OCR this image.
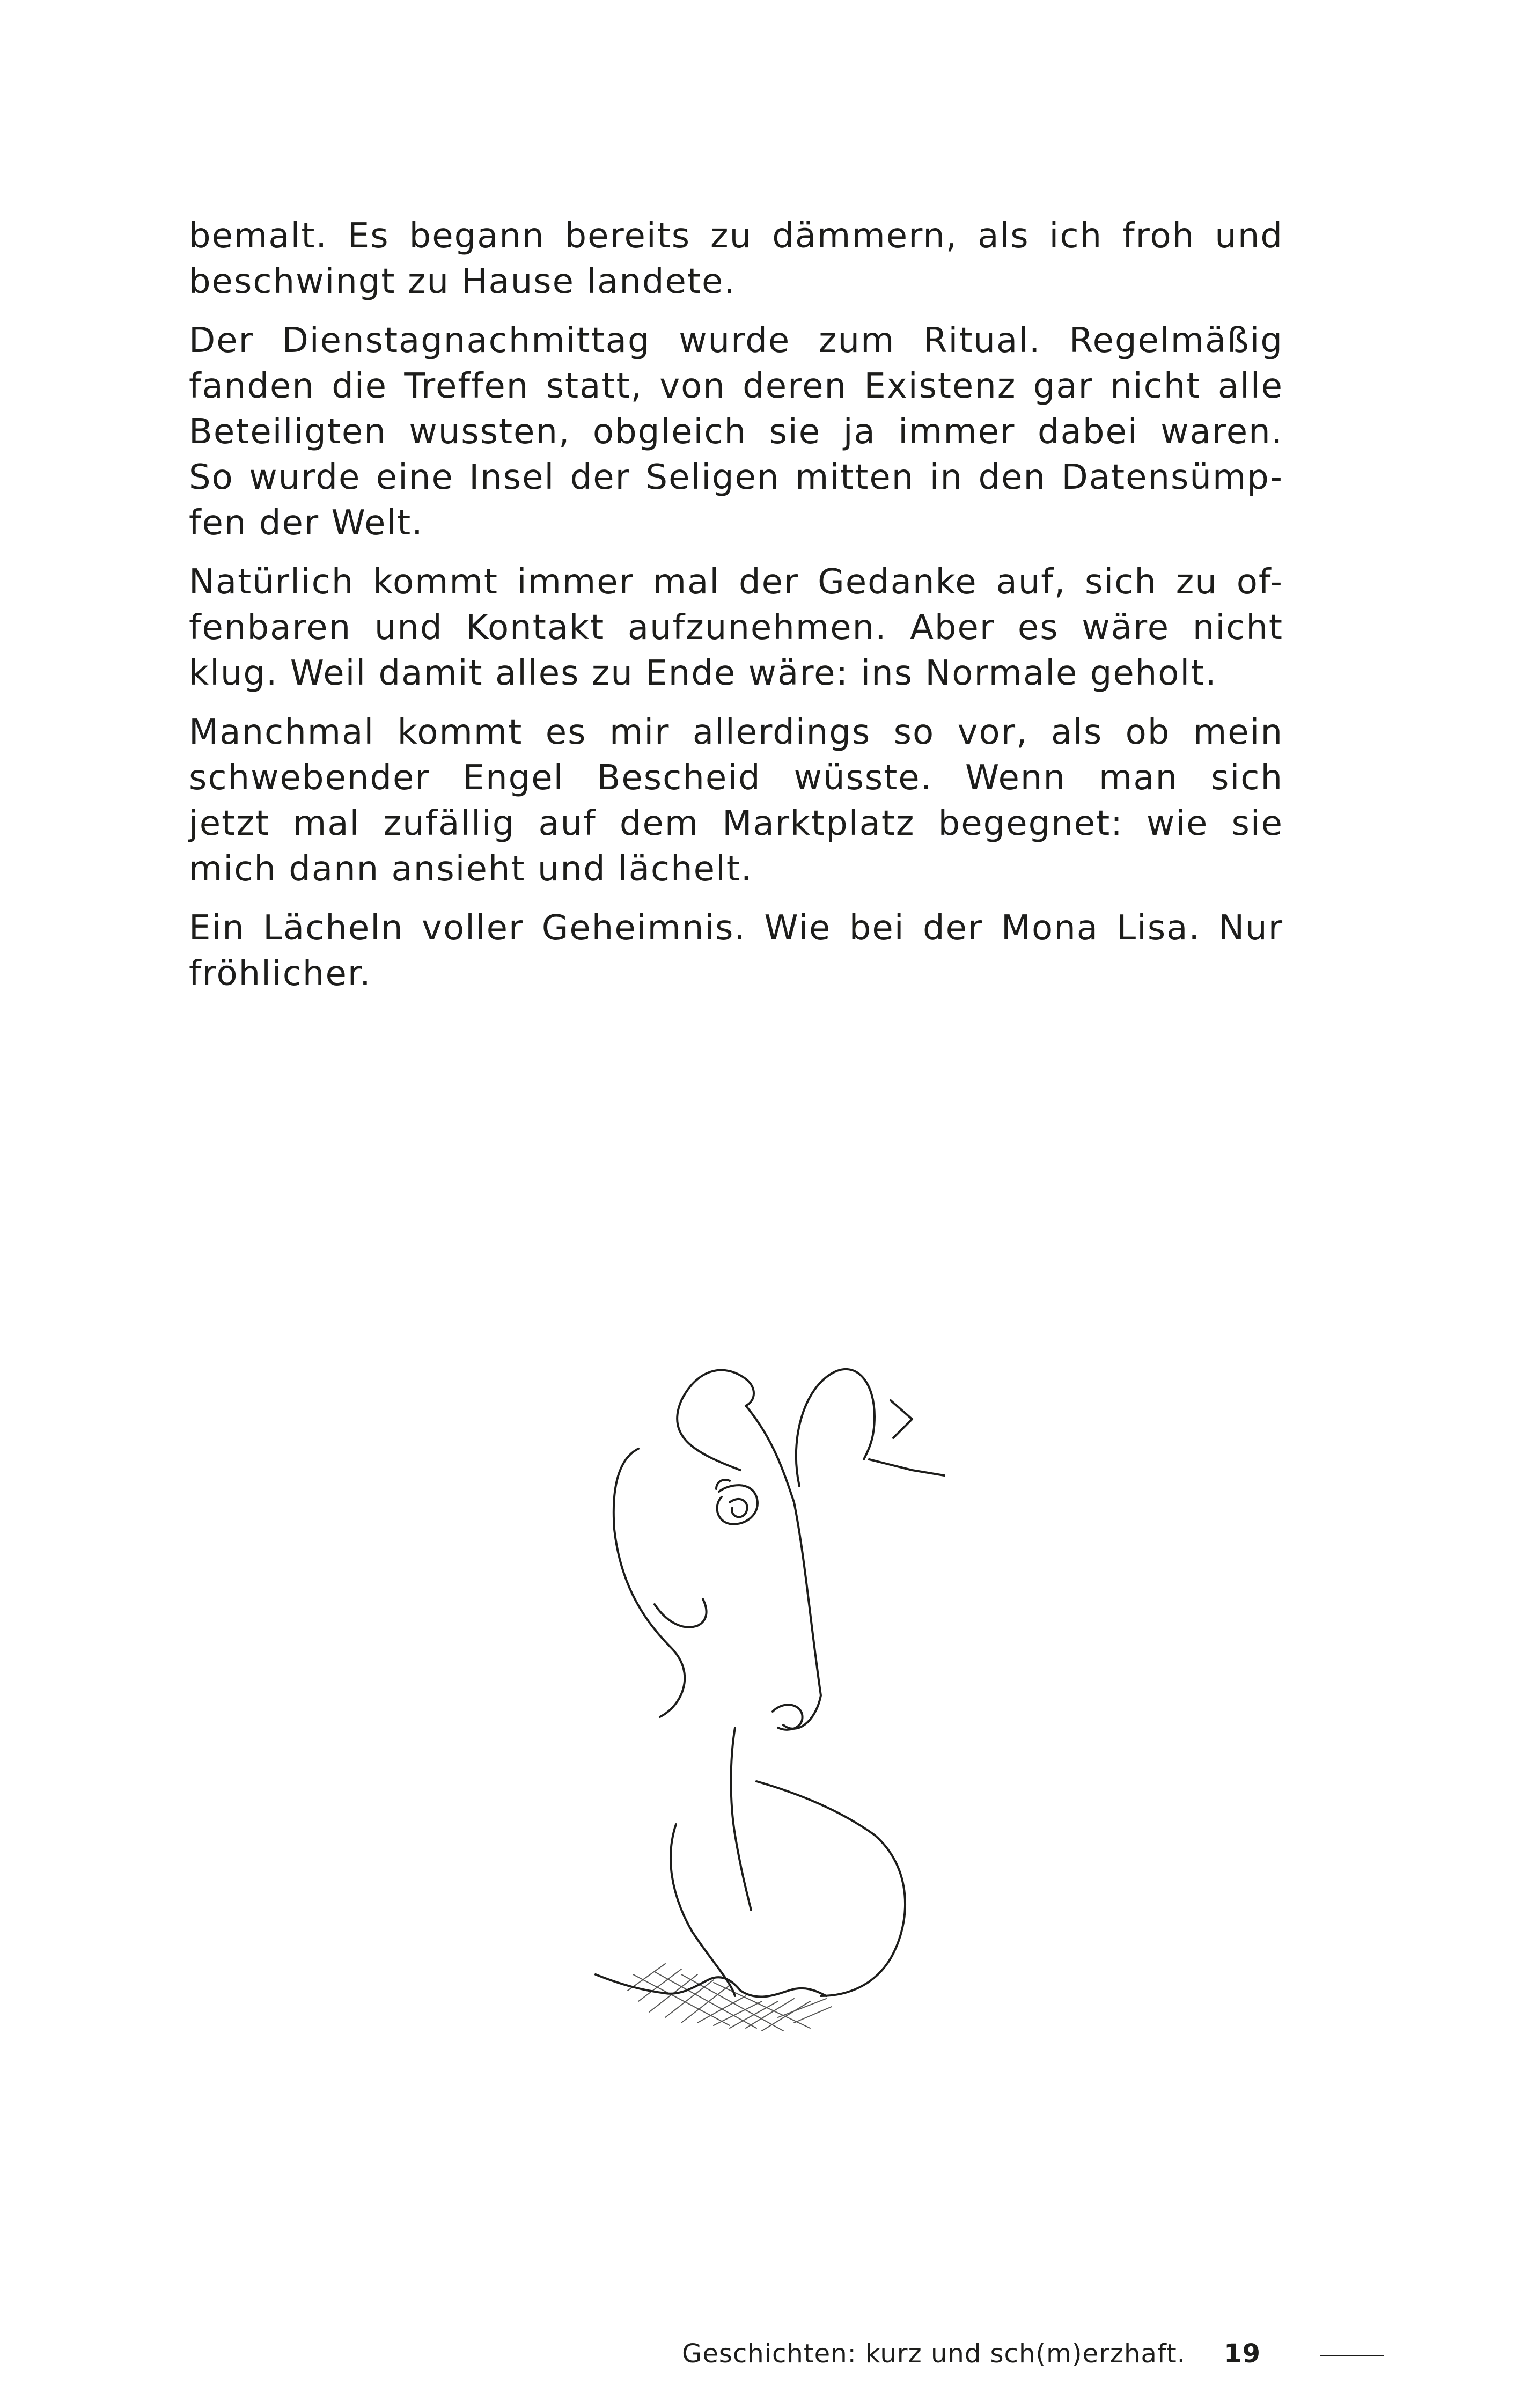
bemalt. Es begann bereits zu dämmern, als ich froh und
beschwingt zu Hause landete.

Der Dienstagnachmittag wurde zum Ritual. Regelmäßig
fanden die Treffen statt, von deren Existenz gar nicht alle
Beteiligten wussten, obgleich sie ja immer dabei waren.
So wurde eine Insel der Seligen mitten in den Datensümp-
fen der Welt.

Natürlich kommt immer mal der Gedanke auf, sich zu of-
fenbaren und Kontakt aufzunehmen. Aber es wäre nicht
klug. Weil damit alles zu Ende wäre: ins Normale geholt.

Manchmal kommt es mir allerdings so vor, als ob mein
schwebender Engel Bescheid wüsste. Wenn man sich
jetzt mal zufällig auf dem Marktplatz begegnet: wie sie
mich dann ansieht und lächelt.

Ein Lächeln voller Geheimnis. Wie bei der Mona Lisa. Nur
fröhlicher.

Geschichten: kurz und sch(m)erzhaft. 19
